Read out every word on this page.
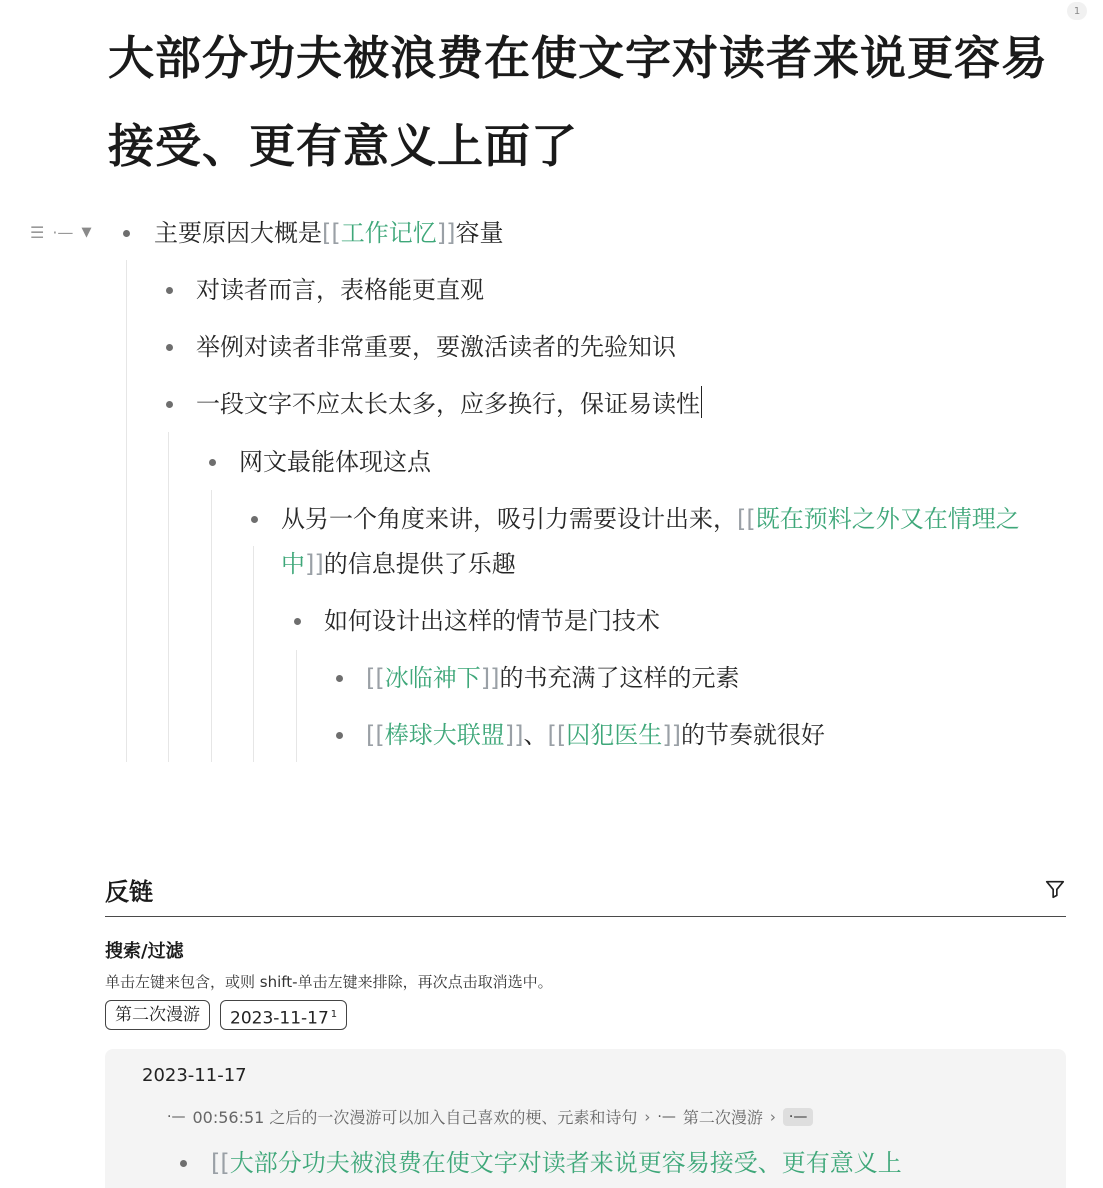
1
大部分功夫被浪费在使文字对读者来说更容易接受、更有意义上面了
☰ ·— ▼	主要原因大概是[[工作记忆]]容量
对读者而言，表格能更直观
举例对读者非常重要，要激活读者的先验知识
一段文字不应太长太多，应多换行，保证易读性
网文最能体现这点
从另一个角度来讲，吸引力需要设计出来，[[既在预料之外又在情理之中]]的信息提供了乐趣
如何设计出这样的情节是门技术
[[冰临神下]]的书充满了这样的元素
[[棒球大联盟]]、[[囚犯医生]]的节奏就很好
反链
搜索/过滤
单击左键来包含，或则 shift-单击左键来排除，再次点击取消选中。
第二次漫游	2023-11-17 $^1$
2023-11-17
·— 00:56:51 之后的一次漫游可以加入自己喜欢的梗、元素和诗句 › ·— 第二次漫游 › ·—
[[大部分功夫被浪费在使文字对读者来说更容易接受、更有意义上
